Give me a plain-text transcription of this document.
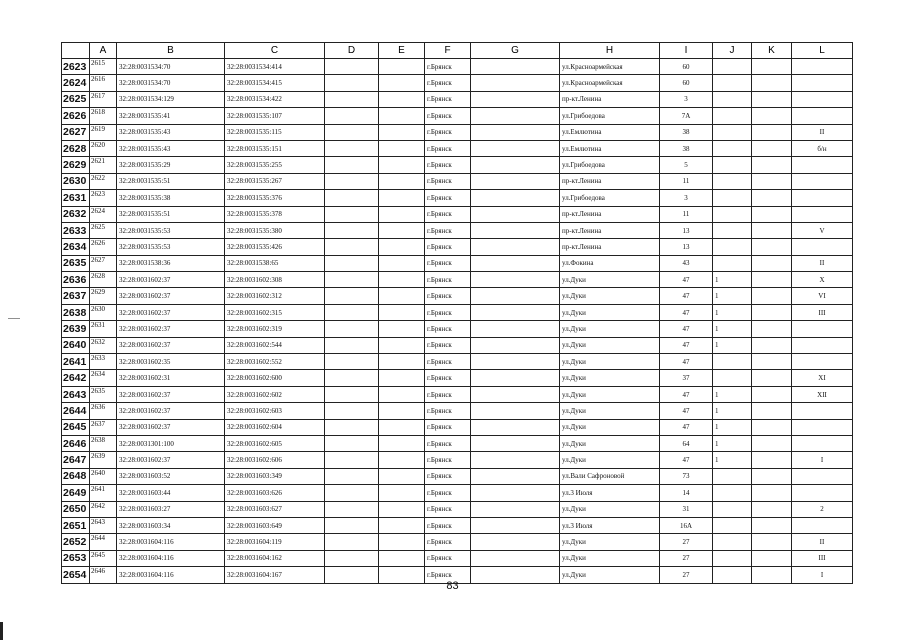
	A	B	C	D	E	F	G	H	I	J	K	L
2623	2615	32:28:0031534:70	32:28:0031534:414			г.Брянск		ул.Красноармейская	60			
2624	2616	32:28:0031534:70	32:28:0031534:415			г.Брянск		ул.Красноармейская	60			
2625	2617	32:28:0031534:129	32:28:0031534:422			г.Брянск		пр-кт.Ленина	3			
2626	2618	32:28:0031535:41	32:28:0031535:107			г.Брянск		ул.Грибоедова	7А			
2627	2619	32:28:0031535:43	32:28:0031535:115			г.Брянск		ул.Емлютина	38			II
2628	2620	32:28:0031535:43	32:28:0031535:151			г.Брянск		ул.Емлютина	38			б/н
2629	2621	32:28:0031535:29	32:28:0031535:255			г.Брянск		ул.Грибоедова	5			
2630	2622	32:28:0031535:51	32:28:0031535:267			г.Брянск		пр-кт.Ленина	11			
2631	2623	32:28:0031535:38	32:28:0031535:376			г.Брянск		ул.Грибоедова	3			
2632	2624	32:28:0031535:51	32:28:0031535:378			г.Брянск		пр-кт.Ленина	11			
2633	2625	32:28:0031535:53	32:28:0031535:380			г.Брянск		пр-кт.Ленина	13			V
2634	2626	32:28:0031535:53	32:28:0031535:426			г.Брянск		пр-кт.Ленина	13			
2635	2627	32:28:0031538:36	32:28:0031538:65			г.Брянск		ул.Фокина	43			II
2636	2628	32:28:0031602:37	32:28:0031602:308			г.Брянск		ул.Дуки	47	1		X
2637	2629	32:28:0031602:37	32:28:0031602:312			г.Брянск		ул.Дуки	47	1		VI
2638	2630	32:28:0031602:37	32:28:0031602:315			г.Брянск		ул.Дуки	47	1		III
2639	2631	32:28:0031602:37	32:28:0031602:319			г.Брянск		ул.Дуки	47	1		
2640	2632	32:28:0031602:37	32:28:0031602:544			г.Брянск		ул.Дуки	47	1		
2641	2633	32:28:0031602:35	32:28:0031602:552			г.Брянск		ул.Дуки	47			
2642	2634	32:28:0031602:31	32:28:0031602:600			г.Брянск		ул.Дуки	37			XI
2643	2635	32:28:0031602:37	32:28:0031602:602			г.Брянск		ул.Дуки	47	1		XII
2644	2636	32:28:0031602:37	32:28:0031602:603			г.Брянск		ул.Дуки	47	1		
2645	2637	32:28:0031602:37	32:28:0031602:604			г.Брянск		ул.Дуки	47	1		
2646	2638	32:28:0031301:100	32:28:0031602:605			г.Брянск		ул.Дуки	64	1		
2647	2639	32:28:0031602:37	32:28:0031602:606			г.Брянск		ул.Дуки	47	1		I
2648	2640	32:28:0031603:52	32:28:0031603:349			г.Брянск		ул.Вали Сафроновой	73			
2649	2641	32:28:0031603:44	32:28:0031603:626			г.Брянск		ул.3 Июля	14			
2650	2642	32:28:0031603:27	32:28:0031603:627			г.Брянск		ул.Дуки	31			2
2651	2643	32:28:0031603:34	32:28:0031603:649			г.Брянск		ул.3 Июля	16А			
2652	2644	32:28:0031604:116	32:28:0031604:119			г.Брянск		ул.Дуки	27			II
2653	2645	32:28:0031604:116	32:28:0031604:162			г.Брянск		ул.Дуки	27			III
2654	2646	32:28:0031604:116	32:28:0031604:167			г.Брянск		ул.Дуки	27			I
83
